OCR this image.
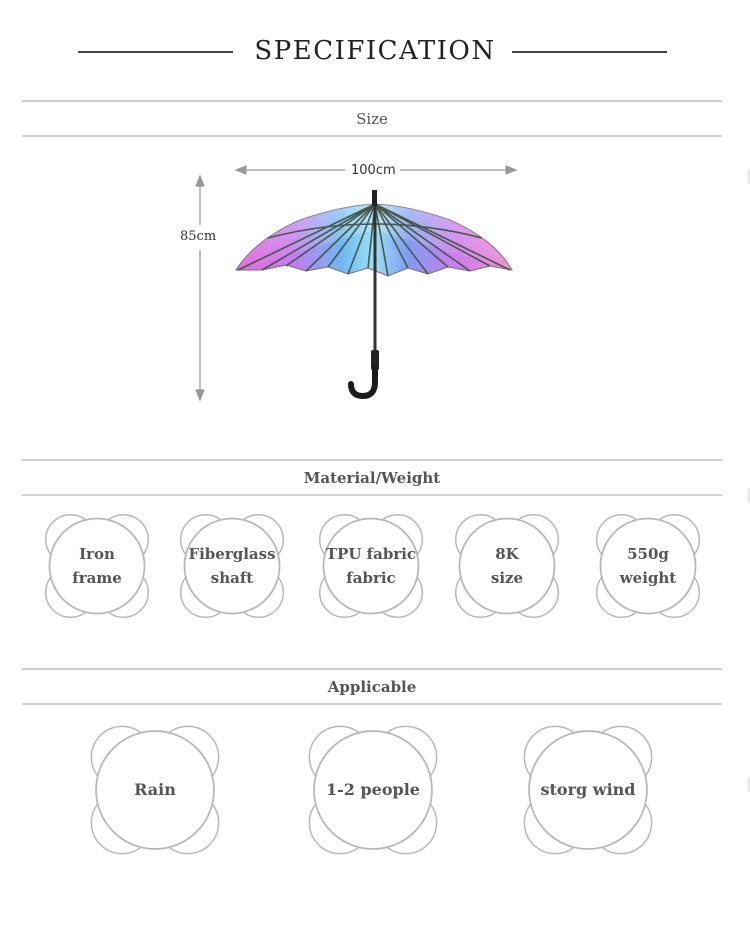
SPECIFICATION
Size
100cm
85cm
Material/Weight
Iron
frame
Fiberglass
shaft
TPU fabric
fabric
8K
size
550g
weight
Applicable
Rain	1-2 people	storg wind
